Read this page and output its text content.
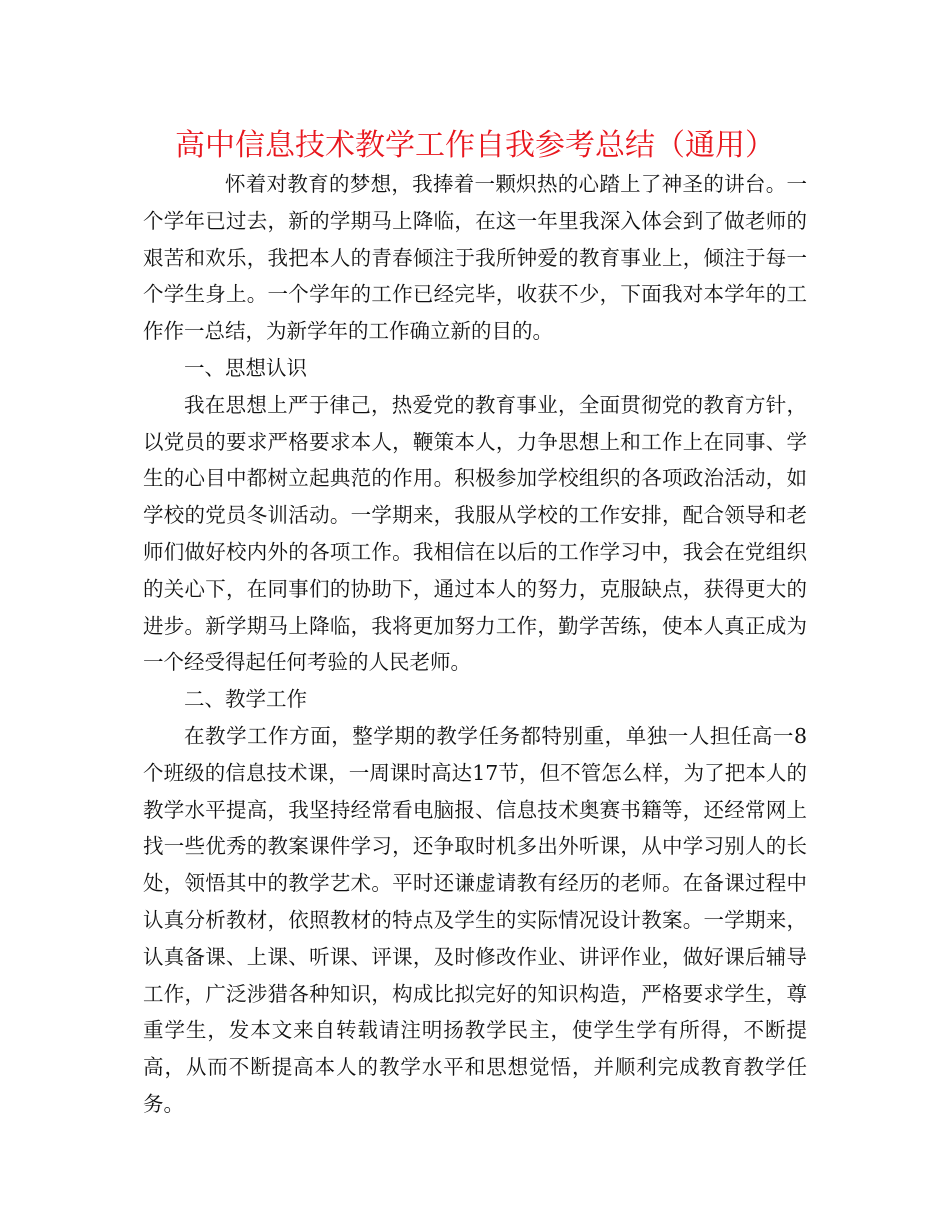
高中信息技术教学工作自我参考总结（通用）

怀着对教育的梦想，我捧着一颗炽热的心踏上了神圣的讲台。一个学年已过去，新的学期马上降临，在这一年里我深入体会到了做老师的艰苦和欢乐，我把本人的青春倾注于我所钟爱的教育事业上，倾注于每一个学生身上。一个学年的工作已经完毕，收获不少，下面我对本学年的工作作一总结，为新学年的工作确立新的目的。

一、思想认识

我在思想上严于律己，热爱党的教育事业，全面贯彻党的教育方针，以党员的要求严格要求本人，鞭策本人，力争思想上和工作上在同事、学生的心目中都树立起典范的作用。积极参加学校组织的各项政治活动，如学校的党员冬训活动。一学期来，我服从学校的工作安排，配合领导和老师们做好校内外的各项工作。我相信在以后的工作学习中，我会在党组织的关心下，在同事们的协助下，通过本人的努力，克服缺点，获得更大的进步。新学期马上降临，我将更加努力工作，勤学苦练，使本人真正成为一个经受得起任何考验的人民老师。

二、教学工作

在教学工作方面，整学期的教学任务都特别重，单独一人担任高一8个班级的信息技术课，一周课时高达17节，但不管怎么样，为了把本人的教学水平提高，我坚持经常看电脑报、信息技术奥赛书籍等，还经常网上找一些优秀的教案课件学习，还争取时机多出外听课，从中学习别人的长处，领悟其中的教学艺术。平时还谦虚请教有经历的老师。在备课过程中认真分析教材，依照教材的特点及学生的实际情况设计教案。一学期来，认真备课、上课、听课、评课，及时修改作业、讲评作业，做好课后辅导工作，广泛涉猎各种知识，构成比拟完好的知识构造，严格要求学生，尊重学生，发本文来自转载请注明扬教学民主，使学生学有所得，不断提高，从而不断提高本人的教学水平和思想觉悟，并顺利完成教育教学任务。
